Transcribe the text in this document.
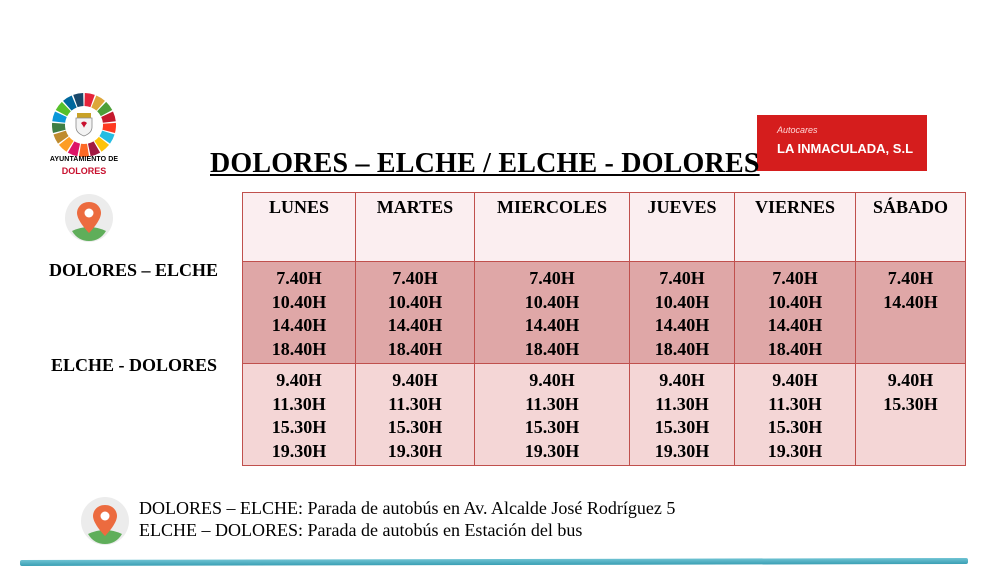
AYUNTAMIENTO DE
DOLORES
Autocares
LA INMACULADA, S.L
DOLORES – ELCHE / ELCHE - DOLORES
DOLORES – ELCHE
ELCHE - DOLORES
LUNES	MARTES	MIERCOLES	JUEVES	VIERNES	SÁBADO

7.40H
10.40H
14.40H
18.40H	7.40H
10.40H
14.40H
18.40H	7.40H
10.40H
14.40H
18.40H	7.40H
10.40H
14.40H
18.40H	7.40H
10.40H
14.40H
18.40H	7.40H
14.40H

9.40H
11.30H
15.30H
19.30H	9.40H
11.30H
15.30H
19.30H	9.40H
11.30H
15.30H
19.30H	9.40H
11.30H
15.30H
19.30H	9.40H
11.30H
15.30H
19.30H	9.40H
15.30H
DOLORES – ELCHE: Parada de autobús en Av. Alcalde José Rodríguez 5
ELCHE – DOLORES: Parada de autobús en Estación del bus
